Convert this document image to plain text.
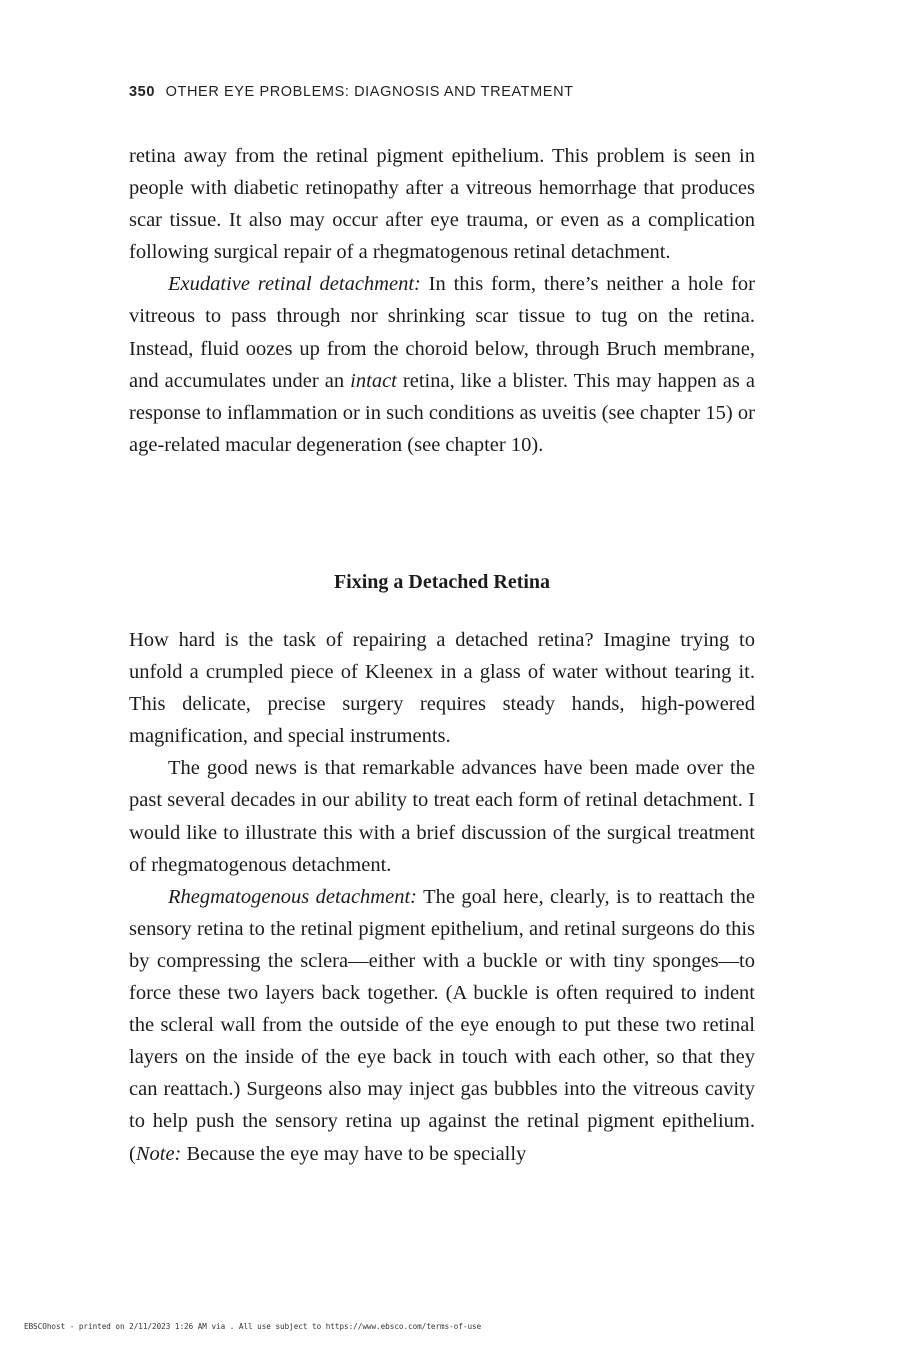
350 OTHER EYE PROBLEMS: DIAGNOSIS AND TREATMENT

retina away from the retinal pigment epithelium. This problem is seen in people with diabetic retinopathy after a vitreous hemorrhage that produces scar tissue. It also may occur after eye trauma, or even as a complication following surgical repair of a rhegmatogenous retinal detachment.

Exudative retinal detachment: In this form, there’s neither a hole for vitreous to pass through nor shrinking scar tissue to tug on the retina. Instead, fluid oozes up from the choroid below, through Bruch membrane, and accumulates under an intact retina, like a blister. This may happen as a response to inflammation or in such conditions as uveitis (see chapter 15) or age-related macular degeneration (see chapter 10).

Fixing a Detached Retina

How hard is the task of repairing a detached retina? Imagine trying to unfold a crumpled piece of Kleenex in a glass of water without tearing it. This delicate, precise surgery requires steady hands, high-powered magnification, and special instruments.

The good news is that remarkable advances have been made over the past several decades in our ability to treat each form of retinal detachment. I would like to illustrate this with a brief discussion of the surgical treatment of rhegmatogenous detachment.

Rhegmatogenous detachment: The goal here, clearly, is to reattach the sensory retina to the retinal pigment epithelium, and retinal surgeons do this by compressing the sclera—either with a buckle or with tiny sponges—to force these two layers back together. (A buckle is often required to indent the scleral wall from the outside of the eye enough to put these two retinal layers on the inside of the eye back in touch with each other, so that they can reattach.) Surgeons also may inject gas bubbles into the vitreous cavity to help push the sensory retina up against the retinal pigment epithelium. (Note: Because the eye may have to be specially

EBSCOhost - printed on 2/11/2023 1:26 AM via . All use subject to https://www.ebsco.com/terms-of-use
